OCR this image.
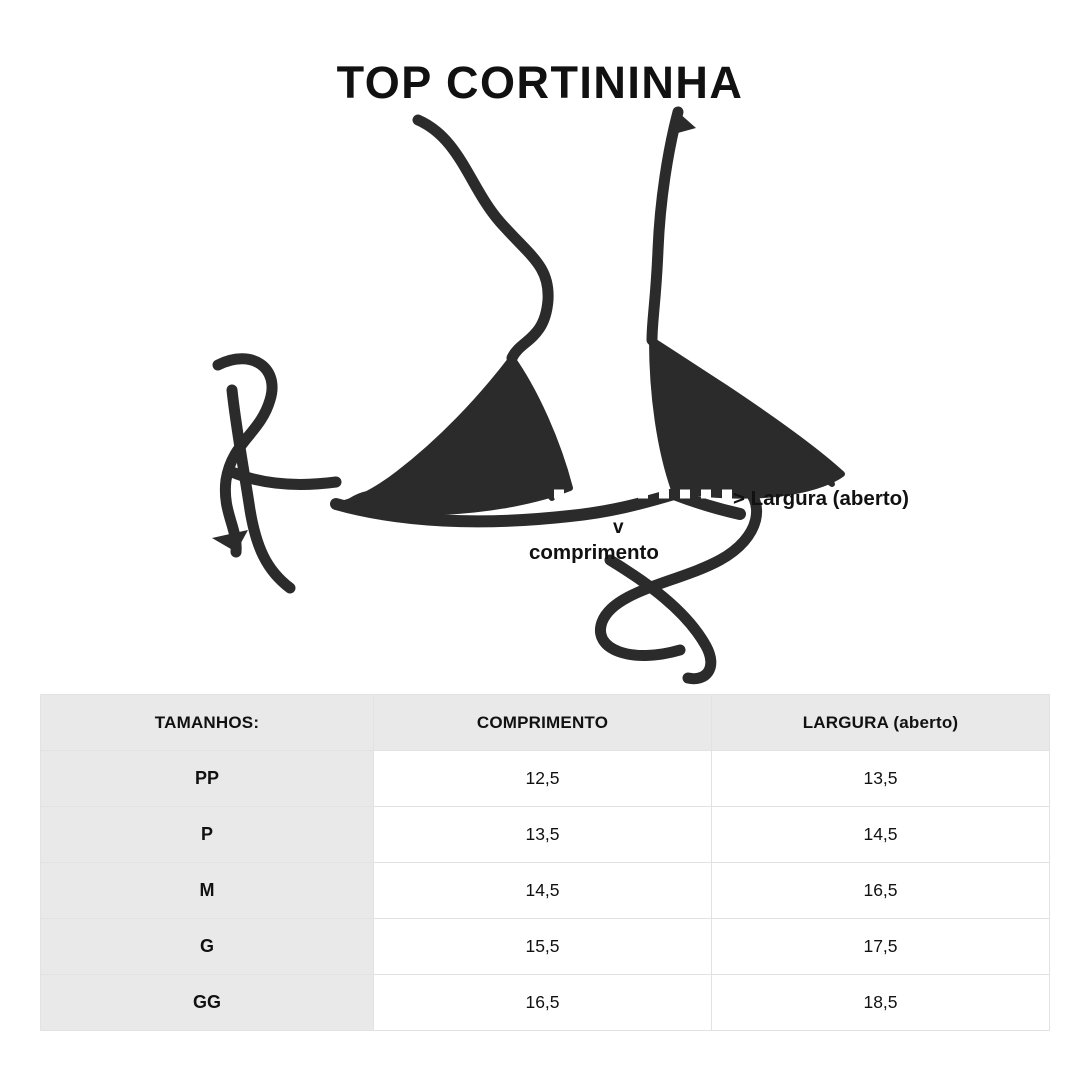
TOP CORTININHA
> Largura (aberto)
v
comprimento
TAMANHOS:	COMPRIMENTO	LARGURA (aberto)
PP	12,5	13,5
P	13,5	14,5
M	14,5	16,5
G	15,5	17,5
GG	16,5	18,5
